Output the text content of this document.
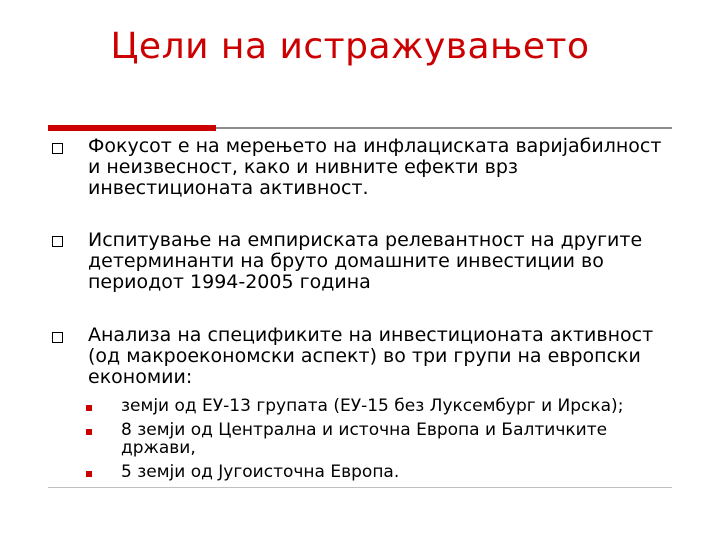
Цели на истражувањето
Фокусот е на мерењето на инфлациската варијабилност и неизвесност, како и нивните ефекти врз инвестиционата активност.
Испитување на емпириската релевантност на другите детерминанти на бруто домашните инвестиции во периодот 1994-2005 година
Анализа на спецификите на инвестиционата активност (од макроекономски аспект) во три групи на европски економии:
земји од ЕУ-13 групата (ЕУ-15 без Луксембург и Ирска);
8 земји од Централна и источна Европа и Балтичките држави,
5 земји од Југоисточна Европа.
